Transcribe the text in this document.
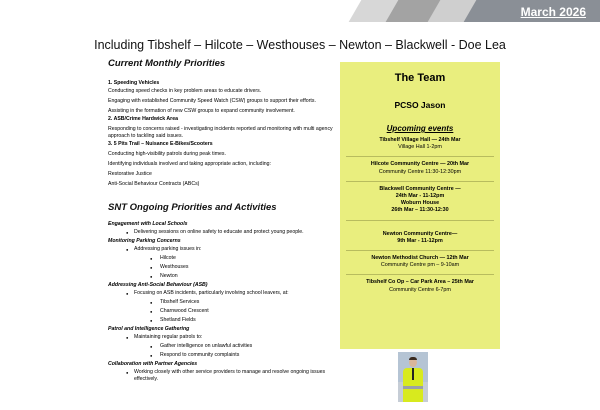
March 2026
Including Tibshelf – Hilcote – Westhouses – Newton – Blackwell - Doe Lea
Current Monthly Priorities
1. Speeding Vehicles
Conducting speed checks in key problem areas to educate drivers.
Engaging with established Community Speed Watch (CSW) groups to support their efforts.
Assisting in the formation of new CSW groups to expand community involvement.
2. ASB/Crime Hardwick Area
Responding to concerns raised - investigating incidents reported and monitoring with multi agency approach to tackling said issues.
3. 5 Pits Trail – Nuisance E-Bikes/Scooters
Conducting high-visibility patrols during peak times.
Identifying individuals involved and taking appropriate action, including:
Restorative Justice
Anti-Social Behaviour Contracts (ABCs)
SNT Ongoing Priorities and Activities
Engagement with Local Schools
● Delivering sessions on online safety to educate and protect young people.
Monitoring Parking Concerns
● Addressing parking issues in:
● Hilcote
● Westhouses
● Newton
Addressing Anti-Social Behaviour (ASB)
● Focusing on ASB incidents, particularly involving school leavers, at:
● Tibshelf Services
● Charnwood Crescent
● Shetland Fields
Patrol and Intelligence Gathering
● Maintaining regular patrols to:
● Gather intelligence on unlawful activities
● Respond to community complaints
Collaboration with Partner Agencies
● Working closely with other service providers to manage and resolve ongoing issues effectively.
The Team
PCSO Jason
Upcoming events
Tibshelf Village Hall — 24th Mar
Village Hall 1-2pm
Hilcote Community Centre — 20th Mar
Community Centre 11:30-12:30pm
Blackwell Community Centre —
24th Mar - 11-12pm
Woburn House
26th Mar – 11:30-12:30
Newton Community Centre—
9th Mar - 11-12pm
Newton Methodist Church — 12th Mar
Community Centre pm – 9-10am
Tibshelf Co Op – Car Park Area – 25th Mar
Community Centre 6-7pm
